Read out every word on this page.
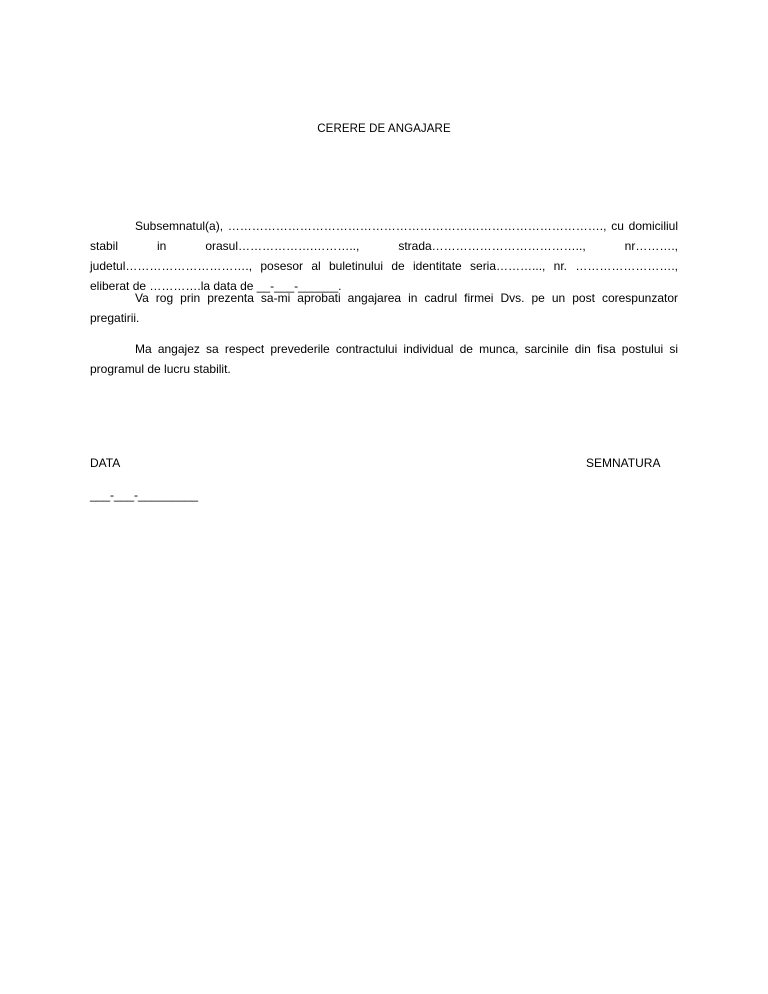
CERERE DE ANGAJARE

Subsemnatul(a), …………………………………………………………………………………., cu domiciliul stabil in orasul……………….……….., strada……………………………….., nr………., judetul…………………………., posesor al buletinului de identitate seria………..., nr. ……………………., eliberat de ………….la data de __-___-______.

Va rog prin prezenta sa-mi aprobati angajarea in cadrul firmei Dvs. pe un post corespunzator pregatirii.

Ma angajez sa respect prevederile contractului individual de munca, sarcinile din fisa postului si programul de lucru stabilit.

DATA	SEMNATURA
___-___-_________
